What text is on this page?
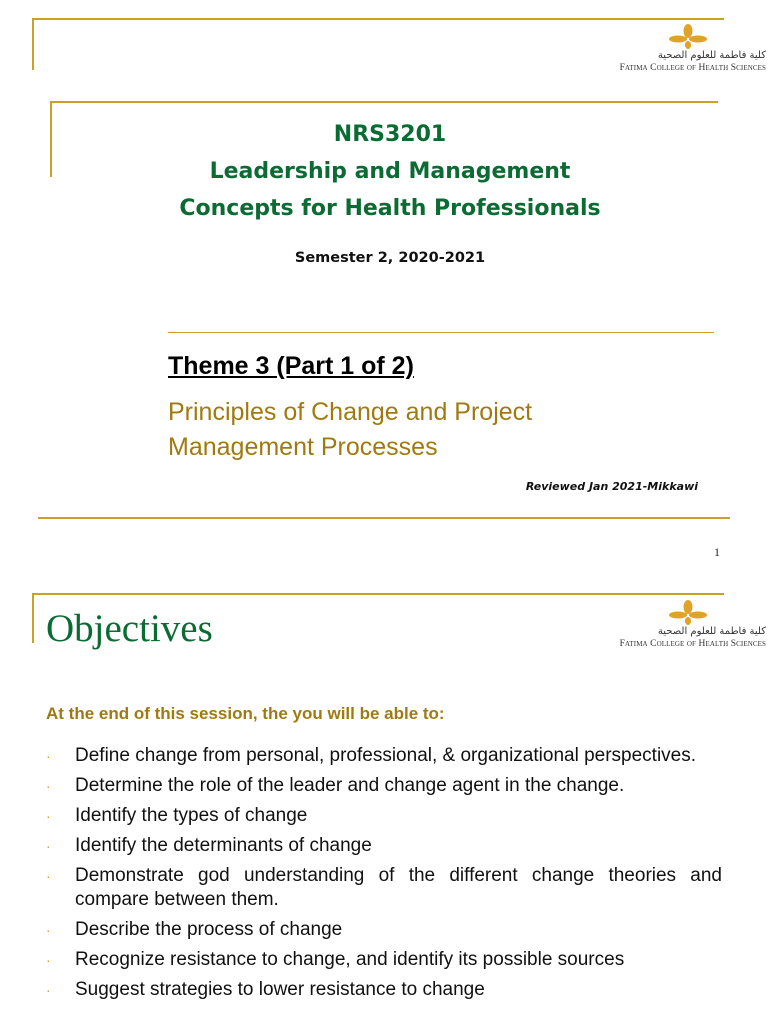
كلية فاطمة للعلوم الصحية
Fatima College of Health Sciences
NRS3201
Leadership and Management
Concepts for Health Professionals
Semester 2, 2020-2021
Theme 3 (Part 1 of 2)
Principles of Change and Project
Management Processes
Reviewed Jan 2021-Mikkawi
1
Objectives	كلية فاطمة للعلوم الصحية
Fatima College of Health Sciences
At the end of this session, the you will be able to:
· Define change from personal, professional, & organizational perspectives.
· Determine the role of the leader and change agent in the change.
· Identify the types of change
· Identify the determinants of change
· Demonstrate god understanding of the different change theories and compare between them.
· Describe the process of change
· Recognize resistance to change, and identify its possible sources
· Suggest strategies to lower resistance to change
